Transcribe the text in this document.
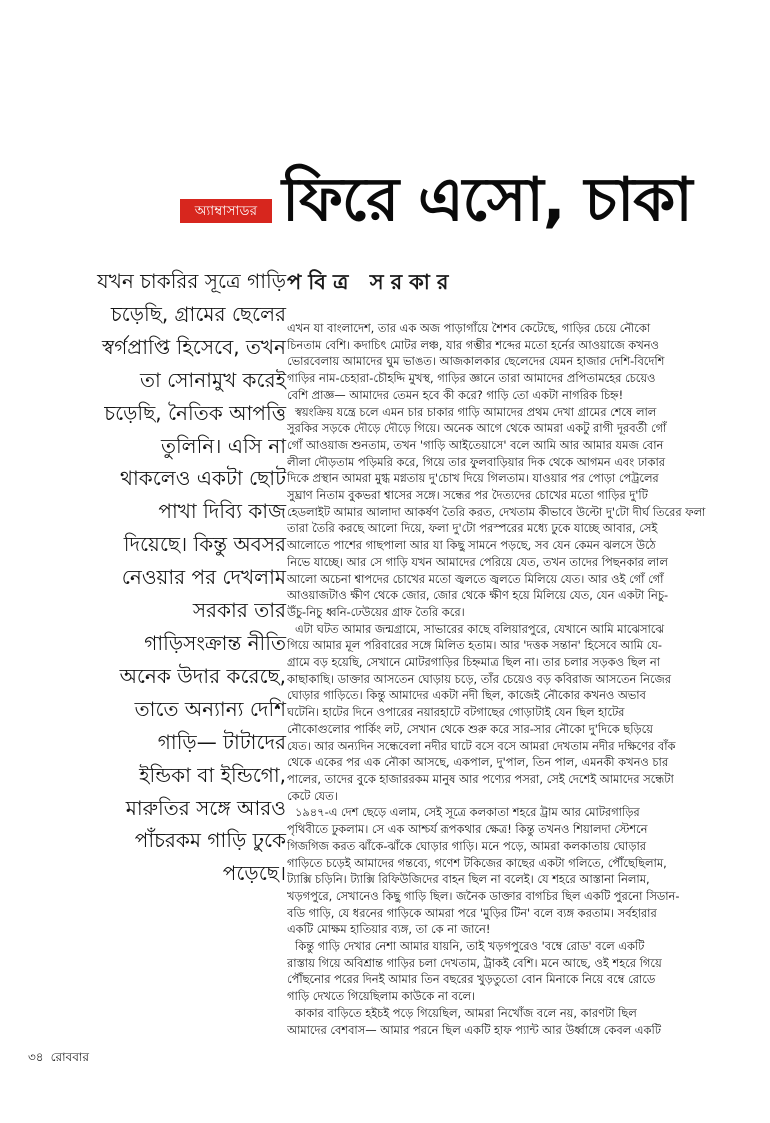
অ্যাম্বাসাডর ফিরে এসো, চাকা
পবিত্র সরকার
যখন চাকরির সূত্রে গাড়ি
চড়েছি, গ্রামের ছেলের
স্বর্গপ্রাপ্তি হিসেবে, তখন
তা সোনামুখ করেই
চড়েছি, নৈতিক আপত্তি
তুলিনি। এসি না
থাকলেও একটা ছোট
পাখা দিব্যি কাজ
দিয়েছে। কিন্তু অবসর
নেওয়ার পর দেখলাম
সরকার তার
গাড়িসংক্রান্ত নীতি
অনেক উদার করেছে,
তাতে অন্যান্য দেশি
গাড়ি— টাটাদের
ইন্ডিকা বা ইন্ডিগো,
মারুতির সঙ্গে আরও
পাঁচরকম গাড়ি ঢুকে
পড়েছে।
এখন যা বাংলাদেশ, তার এক অজ পাড়াগাঁয়ে শৈশব কেটেছে, গাড়ির চেয়ে নৌকো
চিনতাম বেশি। কদাচিৎ মোটর লঞ্চ, যার গম্ভীর শব্দের মতো হর্নের আওয়াজে কখনও
ভোরবেলায় আমাদের ঘুম ভাঙত। আজকালকার ছেলেদের যেমন হাজার দেশি-বিদেশি
গাড়ির নাম-চেহারা-চৌহদ্দি মুখস্থ, গাড়ির জ্ঞানে তারা আমাদের প্রপিতামহের চেয়েও
বেশি প্রাজ্ঞ— আমাদের তেমন হবে কী করে? গাড়ি তো একটা নাগরিক চিহ্ন!
স্বয়ংক্রিয় যন্ত্রে চলে এমন চার চাকার গাড়ি আমাদের প্রথম দেখা গ্রামের শেষে লাল
সুরকির সড়কে দৌড়ে দৌড়ে গিয়ে। অনেক আগে থেকে আমরা একটু রাগী দূরবর্তী গোঁ
গোঁ আওয়াজ শুনতাম, তখন 'গাড়ি আইতেয়াসে' বলে আমি আর আমার যমজ বোন
লীলা দৌড়তাম পড়িমরি করে, গিয়ে তার ফুলবাড়িয়ার দিক থেকে আগমন এবং ঢাকার
দিকে প্রস্থান আমরা মুগ্ধ মগ্নতায় দু'চোখ দিয়ে গিলতাম। যাওয়ার পর পোড়া পেট্রলের
সুঘ্রাণ নিতাম বুকভরা শ্বাসের সঙ্গে। সন্ধের পর দৈত্যদের চোখের মতো গাড়ির দু'টি
হেডলাইট আমার আলাদা আকর্ষণ তৈরি করত, দেখতাম কীভাবে উল্টো দু'টো দীর্ঘ তিরের ফলা
তারা তৈরি করছে আলো দিয়ে, ফলা দু'টো পরস্পরের মধ্যে ঢুকে যাচ্ছে আবার, সেই
আলোতে পাশের গাছপালা আর যা কিছু সামনে পড়ছে, সব যেন কেমন ঝলসে উঠে
নিভে যাচ্ছে। আর সে গাড়ি যখন আমাদের পেরিয়ে যেত, তখন তাদের পিছনকার লাল
আলো অচেনা শ্বাপদের চোখের মতো জ্বলতে জ্বলতে মিলিয়ে যেত। আর ওই গোঁ গোঁ
আওয়াজটাও ক্ষীণ থেকে জোর, জোর থেকে ক্ষীণ হয়ে মিলিয়ে যেত, যেন একটা নিচু-
উঁচু-নিচু ধ্বনি-ঢেউয়ের গ্রাফ তৈরি করে।
এটা ঘটত আমার জন্মগ্রামে, সাভারের কাছে বলিয়ারপুরে, যেখানে আমি মাঝেসাঝে
গিয়ে আমার মূল পরিবারের সঙ্গে মিলিত হতাম। আর 'দত্তক সন্তান' হিসেবে আমি যে-
গ্রামে বড় হয়েছি, সেখানে মোটরগাড়ির চিহ্নমাত্র ছিল না। তার চলার সড়কও ছিল না
কাছাকাছি। ডাক্তার আসতেন ঘোড়ায় চড়ে, তাঁর চেয়েও বড় কবিরাজ আসতেন নিজের
ঘোড়ার গাড়িতে। কিন্তু আমাদের একটা নদী ছিল, কাজেই নৌকোর কখনও অভাব
ঘটেনি। হাটের দিনে ওপারের নয়ারহাটে বটগাছের গোড়াটাই যেন ছিল হাটের
নৌকোগুলোর পার্কিং লট, সেখান থেকে শুরু করে সার-সার নৌকো দু'দিকে ছড়িয়ে
যেত। আর অন্যদিন সন্ধেবেলা নদীর ঘাটে বসে বসে আমরা দেখতাম নদীর দক্ষিণের বাঁক
থেকে একের পর এক নৌকা আসছে, একপাল, দু'পাল, তিন পাল, এমনকী কখনও চার
পালের, তাদের বুকে হাজাররকম মানুষ আর পণ্যের পসরা, সেই দেশেই আমাদের সন্ধেটা
কেটে যেত।
১৯৪৭-এ দেশ ছেড়ে এলাম, সেই সূত্রে কলকাতা শহরে ট্রাম আর মোটরগাড়ির
পৃথিবীতে ঢুকলাম। সে এক আশ্চর্য রূপকথার ক্ষেত্র! কিন্তু তখনও শিয়ালদা স্টেশনে
গিজগিজ করত ঝাঁকে-ঝাঁকে ঘোড়ার গাড়ি। মনে পড়ে, আমরা কলকাতায় ঘোড়ার
গাড়িতে চড়েই আমাদের গন্তব্যে, গণেশ টকিজের কাছের একটা গলিতে, পৌঁছেছিলাম,
ট্যাক্সি চড়িনি। ট্যাক্সি রিফিউজিদের বাহন ছিল না বলেই। যে শহরে আস্তানা নিলাম,
খড়গপুরে, সেখানেও কিছু গাড়ি ছিল। জনৈক ডাক্তার বাগচির ছিল একটি পুরনো সিডান-
বডি গাড়ি, যে ধরনের গাড়িকে আমরা পরে 'মুড়ির টিন' বলে ব্যঙ্গ করতাম। সর্বহারার
একটি মোক্ষম হাতিয়ার ব্যঙ্গ, তা কে না জানে!
কিন্তু গাড়ি দেখার নেশা আমার যায়নি, তাই খড়গপুরেও 'বম্বে রোড' বলে একটি
রাস্তায় গিয়ে অবিশ্রান্ত গাড়ির চলা দেখতাম, ট্রাকই বেশি। মনে আছে, ওই শহরে গিয়ে
পৌঁছনোর পরের দিনই আমার তিন বছরের খুড়তুতো বোন মিনাকে নিয়ে বম্বে রোডে
গাড়ি দেখতে গিয়েছিলাম কাউকে না বলে।
কাকার বাড়িতে হইচই পড়ে গিয়েছিল, আমরা নিখোঁজ বলে নয়, কারণটা ছিল
আমাদের বেশবাস— আমার পরনে ছিল একটি হাফ প্যান্ট আর উর্ধ্বাঙ্গে কেবল একটি
৩৪ রোববার
